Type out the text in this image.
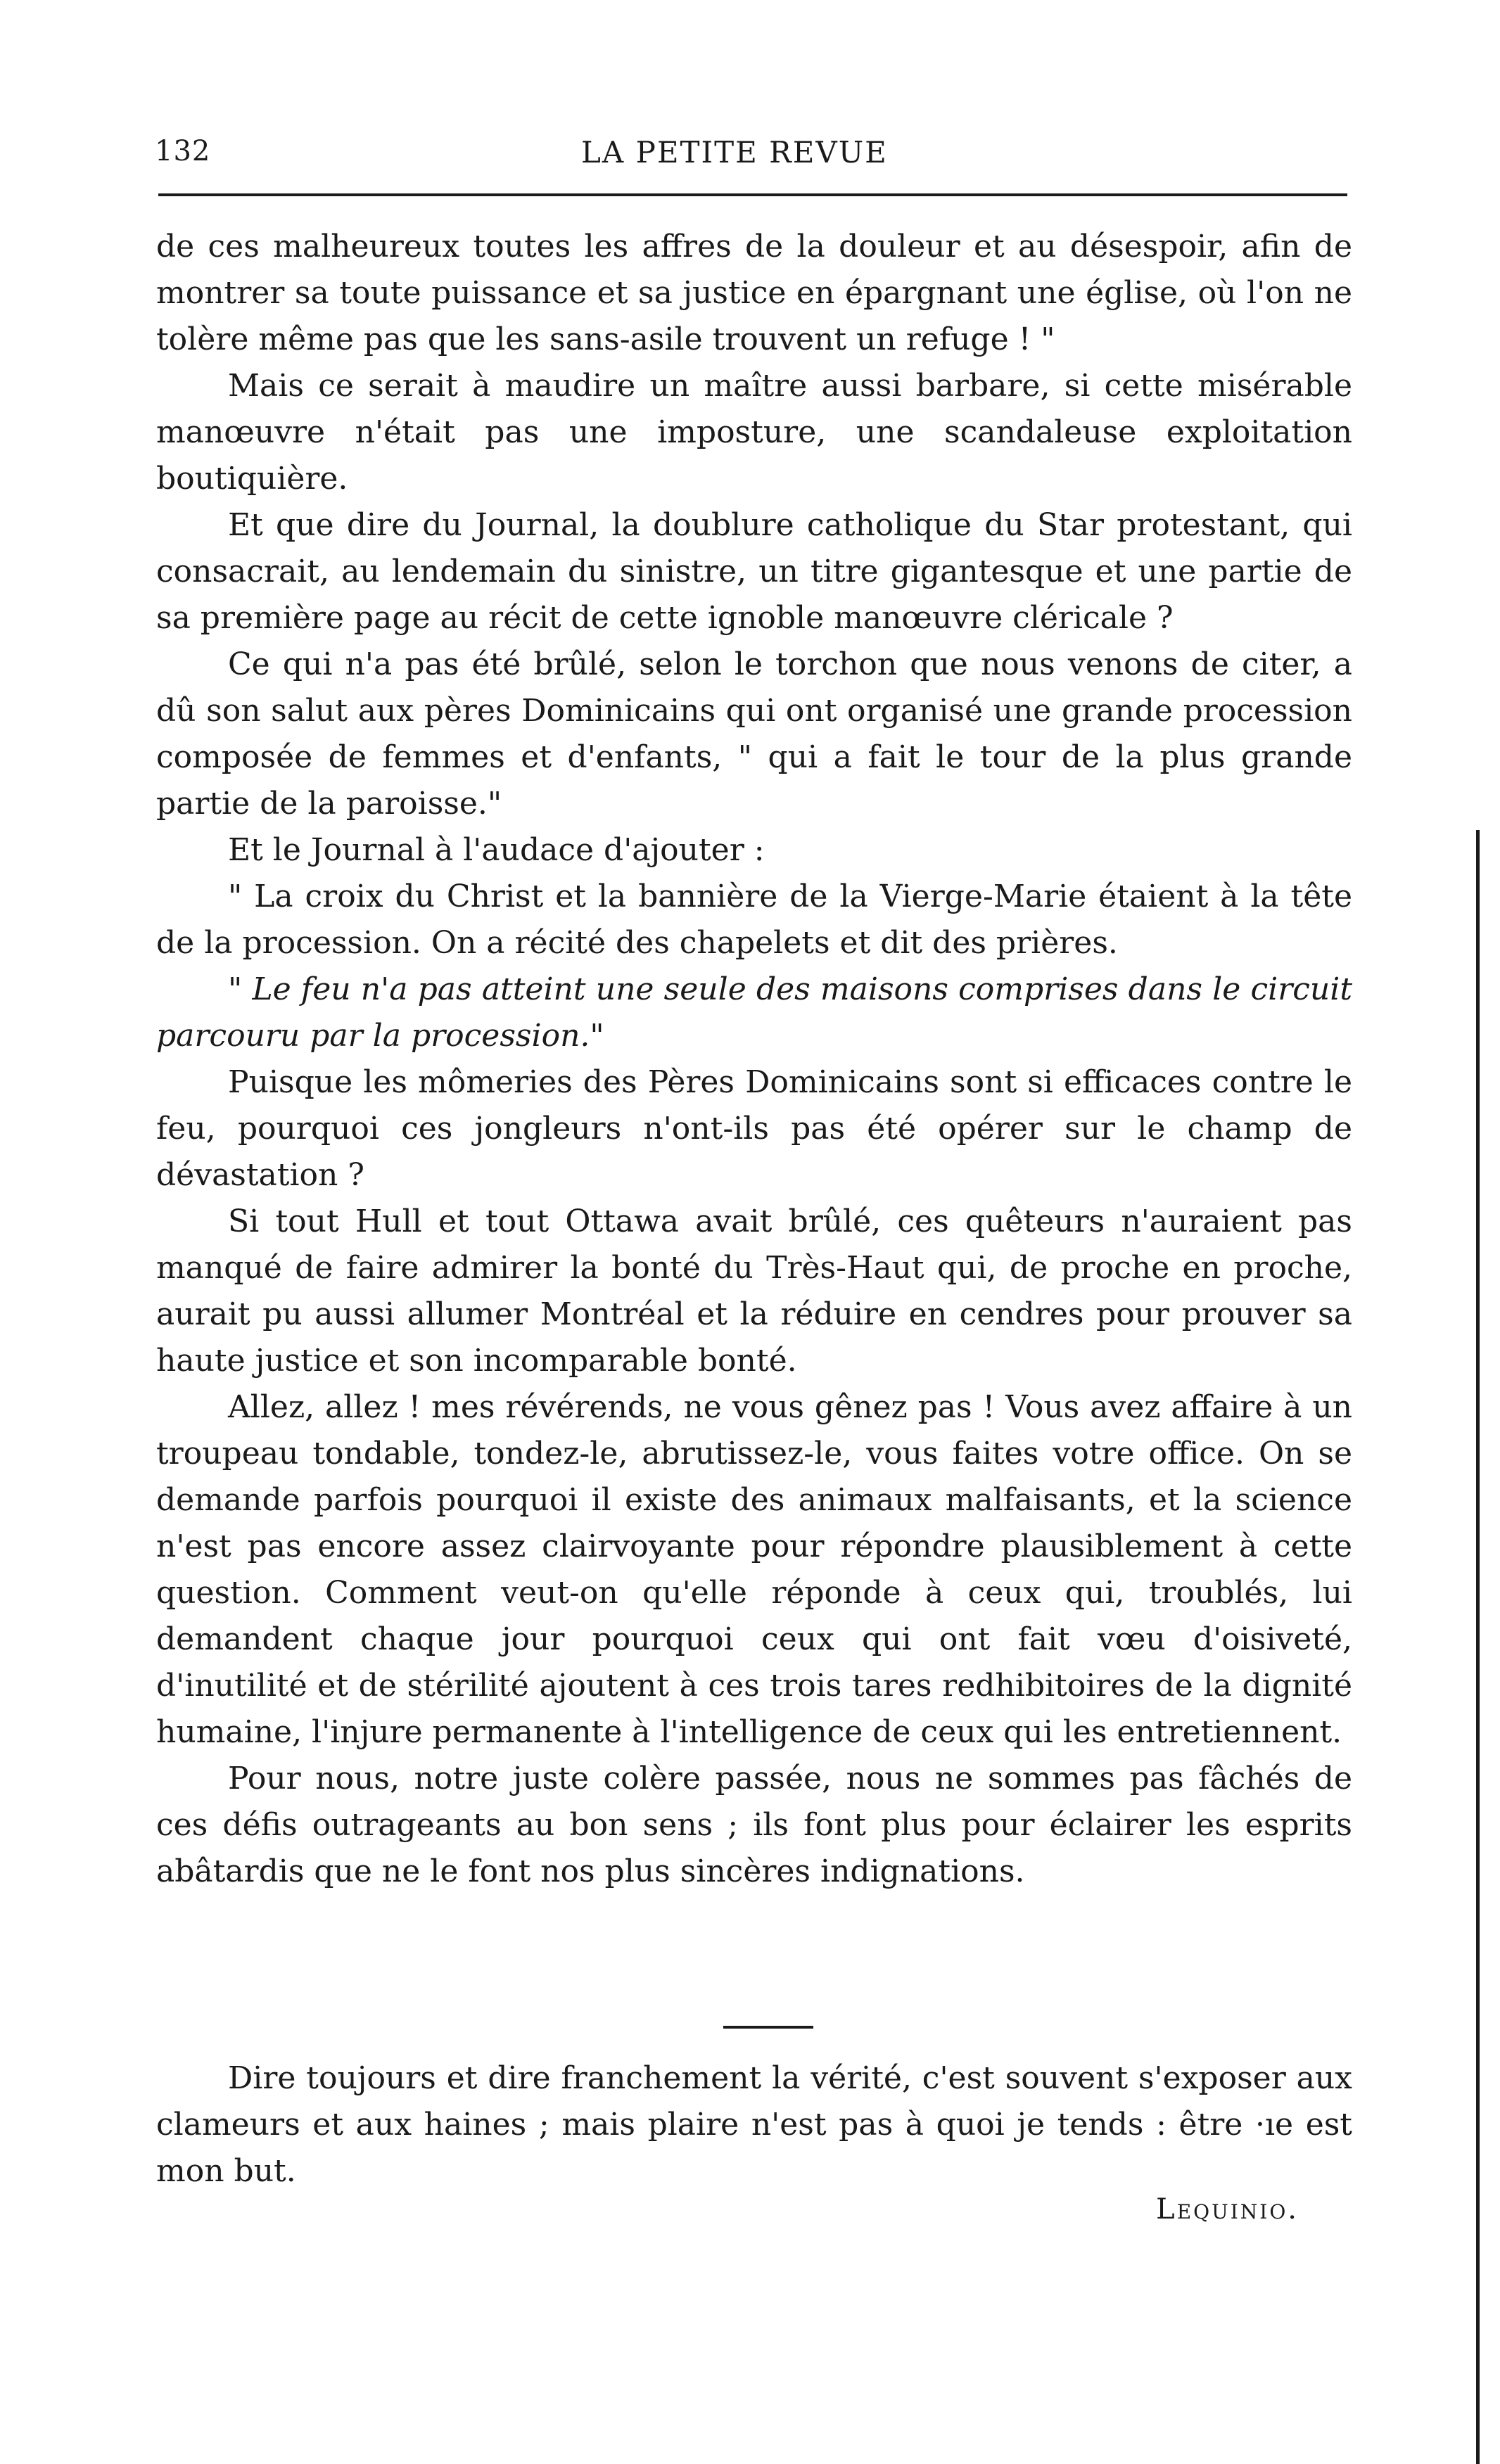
132	LA PETITE REVUE

de ces malheureux toutes les affres de la douleur et au désespoir, afin de montrer sa toute puissance et sa justice en épargnant une église, où l'on ne tolère même pas que les sans-asile trouvent un refuge ! "

Mais ce serait à maudire un maître aussi barbare, si cette misérable manœuvre n'était pas une imposture, une scandaleuse exploitation boutiquière.

Et que dire du Journal, la doublure catholique du Star protestant, qui consacrait, au lendemain du sinistre, un titre gigantesque et une partie de sa première page au récit de cette ignoble manœuvre cléricale ?

Ce qui n'a pas été brûlé, selon le torchon que nous venons de citer, a dû son salut aux pères Dominicains qui ont organisé une grande procession composée de femmes et d'enfants, " qui a fait le tour de la plus grande partie de la paroisse."

Et le Journal à l'audace d'ajouter :

" La croix du Christ et la bannière de la Vierge-Marie étaient à la tête de la procession. On a récité des chapelets et dit des prières.

" Le feu n'a pas atteint une seule des maisons comprises dans le circuit parcouru par la procession."

Puisque les mômeries des Pères Dominicains sont si efficaces contre le feu, pourquoi ces jongleurs n'ont-ils pas été opérer sur le champ de dévastation ?

Si tout Hull et tout Ottawa avait brûlé, ces quêteurs n'auraient pas manqué de faire admirer la bonté du Très-Haut qui, de proche en proche, aurait pu aussi allumer Montréal et la réduire en cendres pour prouver sa haute justice et son incomparable bonté.

Allez, allez ! mes révérends, ne vous gênez pas ! Vous avez affaire à un troupeau tondable, tondez-le, abrutissez-le, vous faites votre office. On se demande parfois pourquoi il existe des animaux malfaisants, et la science n'est pas encore assez clairvoyante pour répondre plausiblement à cette question. Comment veut-on qu'elle réponde à ceux qui, troublés, lui demandent chaque jour pourquoi ceux qui ont fait vœu d'oisiveté, d'inutilité et de stérilité ajoutent à ces trois tares redhibitoires de la dignité humaine, l'injure permanente à l'intelligence de ceux qui les entretiennent.

Pour nous, notre juste colère passée, nous ne sommes pas fâchés de ces défis outrageants au bon sens ; ils font plus pour éclairer les esprits abâtardis que ne le font nos plus sincères indignations.

Dire toujours et dire franchement la vérité, c'est souvent s'exposer aux clameurs et aux haines ; mais plaire n'est pas à quoi je tends : être ·ıe est mon but.

Lequinio.
